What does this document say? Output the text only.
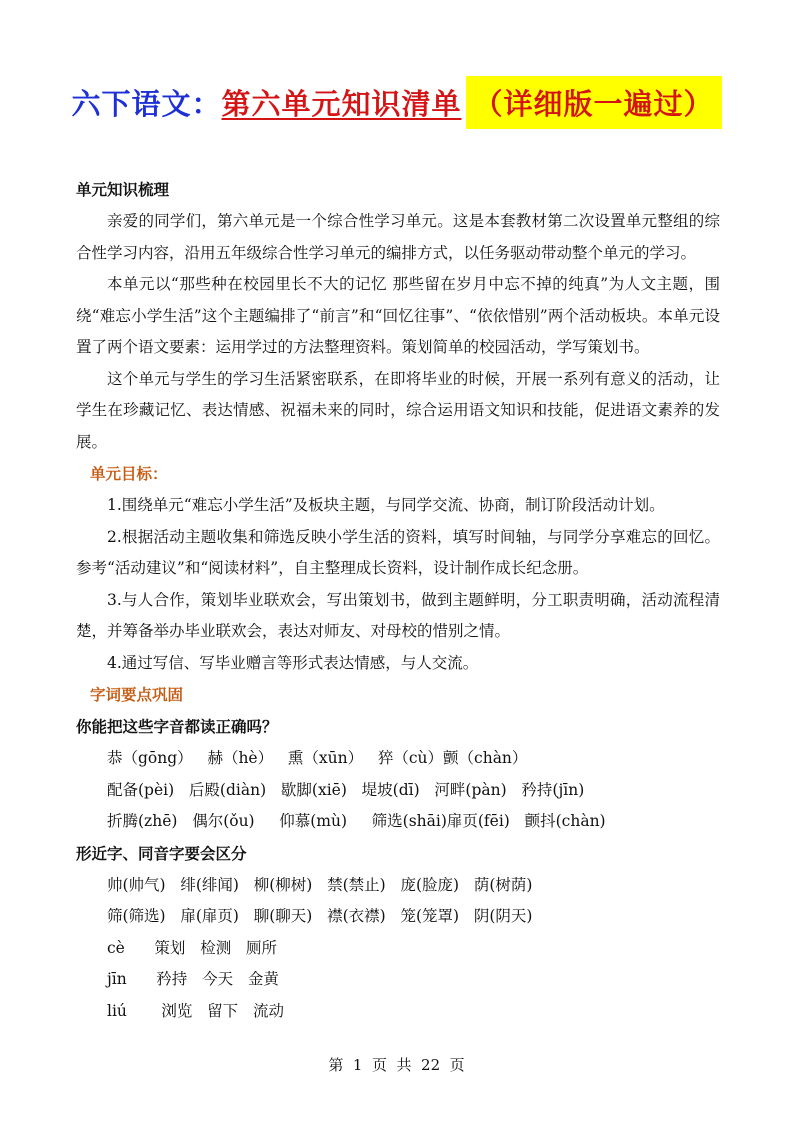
六下语文： 第六单元知识清单 （详细版一遍过）
单元知识梳理

亲爱的同学们，第六单元是一个综合性学习单元。这是本套教材第二次设置单元整组的综合性学习内容，沿用五年级综合性学习单元的编排方式，以任务驱动带动整个单元的学习。

本单元以“那些种在校园里长不大的记忆 那些留在岁月中忘不掉的纯真”为人文主题，围绕“难忘小学生活”这个主题编排了“前言”和“回忆往事”、“依依惜别”两个活动板块。本单元设置了两个语文要素：运用学过的方法整理资料。策划简单的校园活动，学写策划书。

这个单元与学生的学习生活紧密联系，在即将毕业的时候，开展一系列有意义的活动，让学生在珍藏记忆、表达情感、祝福未来的同时，综合运用语文知识和技能，促进语文素养的发展。

单元目标：

1.围绕单元“难忘小学生活”及板块主题，与同学交流、协商，制订阶段活动计划。

2.根据活动主题收集和筛选反映小学生活的资料，填写时间轴，与同学分享难忘的回忆。参考“活动建议”和“阅读材料”，自主整理成长资料，设计制作成长纪念册。

3.与人合作，策划毕业联欢会，写出策划书，做到主题鲜明，分工职责明确，活动流程清楚，并筹备举办毕业联欢会，表达对师友、对母校的惜别之情。

4.通过写信、写毕业赠言等形式表达情感，与人交流。

字词要点巩固
你能把这些字音都读正确吗？
恭（gōng）   赫（hè）   熏（xūn）   猝（cù）颤（chàn）
配备(pèi)   后殿(diàn)   歇脚(xiē)   堤坡(dī)   河畔(pàn)   矜持(jīn)
折腾(zhē)   偶尔(ǒu)     仰慕(mù)     筛选(shāi)扉页(fēi)   颤抖(chàn)
形近字、同音字要会区分
帅(帅气)   绯(绯闻)   柳(柳树)   禁(禁止)   庞(脸庞)   荫(树荫)
筛(筛选)   扉(扉页)   聊(聊天)   襟(衣襟)   笼(笼罩)   阴(阴天)
cè      策划   检测   厕所
jīn      矜持   今天   金黄
liú       浏览   留下   流动
第  1  页  共  22  页
